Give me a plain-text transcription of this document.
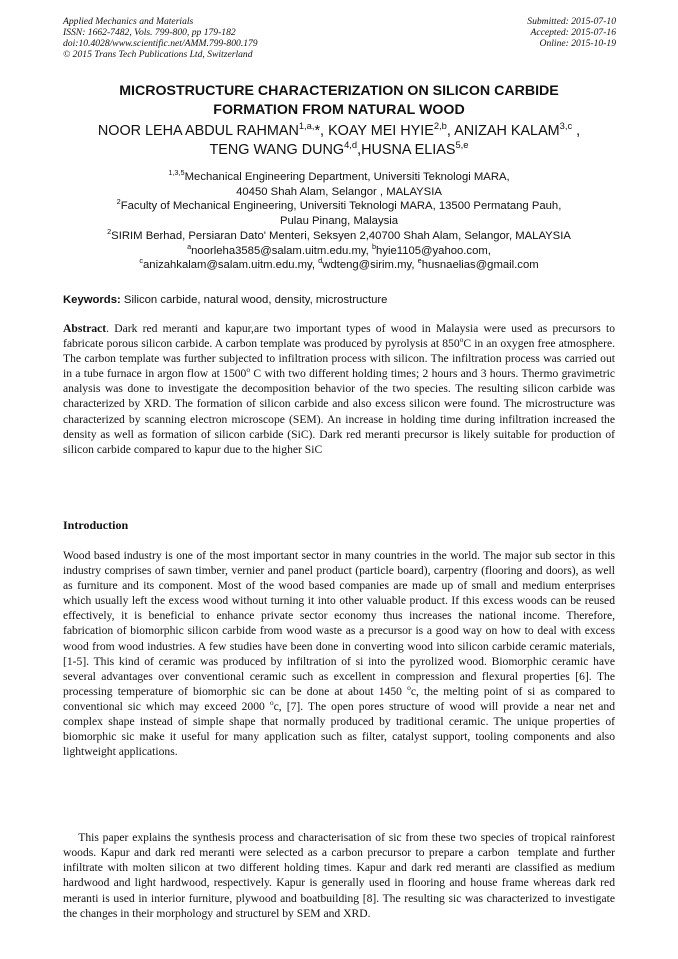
Applied Mechanics and Materials
ISSN: 1662-7482, Vols. 799-800, pp 179-182
doi:10.4028/www.scientific.net/AMM.799-800.179
© 2015 Trans Tech Publications Ltd, Switzerland
Submitted: 2015-07-10
Accepted: 2015-07-16
Online: 2015-10-19
MICROSTRUCTURE CHARACTERIZATION ON SILICON CARBIDE
FORMATION FROM NATURAL WOOD
NOOR LEHA ABDUL $RAHMAN^{1,a,}*$, KOAY MEI HYIE$^{2,b}$, ANIZAH KALAM$^{3,c}$ ,
TENG WANG DUNG$^{4,d}$,HUSNA ELIAS$^{5,e}$
$^{1,3,5}$Mechanical Engineering Department, Universiti Teknologi MARA,
40450 Shah Alam, Selangor , MALAYSIA
$^2$Faculty of Mechanical Engineering, Universiti Teknologi MARA, 13500 Permatang Pauh,
Pulau Pinang, Malaysia
$^2$SIRIM Berhad, Persiaran Dato' Menteri, Seksyen 2,40700 Shah Alam, Selangor, MALAYSIA
$^a$noorleha3585@salam.uitm.edu.my, $^b$hyie1105@yahoo.com,
$^c$anizahkalam@salam.uitm.edu.my, $^d$wdteng@sirim.my, $^e$husnaelias@gmail.com
Keywords: Silicon carbide, natural wood, density, microstructure

Abstract. Dark red meranti and kapur,are two important types of wood in Malaysia were used as precursors to fabricate porous silicon carbide. A carbon template was produced by pyrolysis at 850$^o$C in an oxygen free atmosphere. The carbon template was further subjected to infiltration process with silicon. The infiltration process was carried out in a tube furnace in argon flow at 1500$^o$ C with two different holding times; 2 hours and 3 hours. Thermo gravimetric analysis was done to investigate the decomposition behavior of the two species. The resulting silicon carbide was characterized by XRD. The formation of silicon carbide and also excess silicon were found. The microstructure was characterized by scanning electron microscope (SEM). An increase in holding time during infiltration increased the density as well as formation of silicon carbide (SiC). Dark red meranti precursor is likely suitable for production of silicon carbide compared to kapur due to the higher SiC

Introduction

Wood based industry is one of the most important sector in many countries in the world. The major sub sector in this industry comprises of sawn timber, vernier and panel product (particle board), carpentry (flooring and doors), as well as furniture and its component. Most of the wood based companies are made up of small and medium enterprises which usually left the excess wood without turning it into other valuable product. If this excess woods can be reused effectively, it is beneficial to enhance private sector economy thus increases the national income. Therefore, fabrication of biomorphic silicon carbide from wood waste as a precursor is a good way on how to deal with excess wood from wood industries. A few studies have been done in converting wood into silicon carbide ceramic materials,[1-5]. This kind of ceramic was produced by infiltration of si into the pyrolized wood. Biomorphic ceramic have several advantages over conventional ceramic such as excellent in compression and flexural properties [6]. The processing temperature of biomorphic sic can be done at about 1450 $^o$c, the melting point of si as compared to conventional sic which may exceed 2000 $^o$c, [7]. The open pores structure of wood will provide a near net and complex shape instead of simple shape that normally produced by traditional ceramic. The unique properties of biomorphic sic make it useful for many application such as filter, catalyst support, tooling components and also lightweight applications.

This paper explains the synthesis process and characterisation of sic from these two species of tropical rainforest woods. Kapur and dark red meranti were selected as a carbon precursor to prepare a carbon  template and further infiltrate with molten silicon at two different holding times. Kapur and dark red meranti are classified as medium hardwood and light hardwood, respectively. Kapur is generally used in flooring and house frame whereas dark red meranti is used in interior furniture, plywood and boatbuilding [8]. The resulting sic was characterized to investigate the changes in their morphology and structurel by SEM and XRD.
